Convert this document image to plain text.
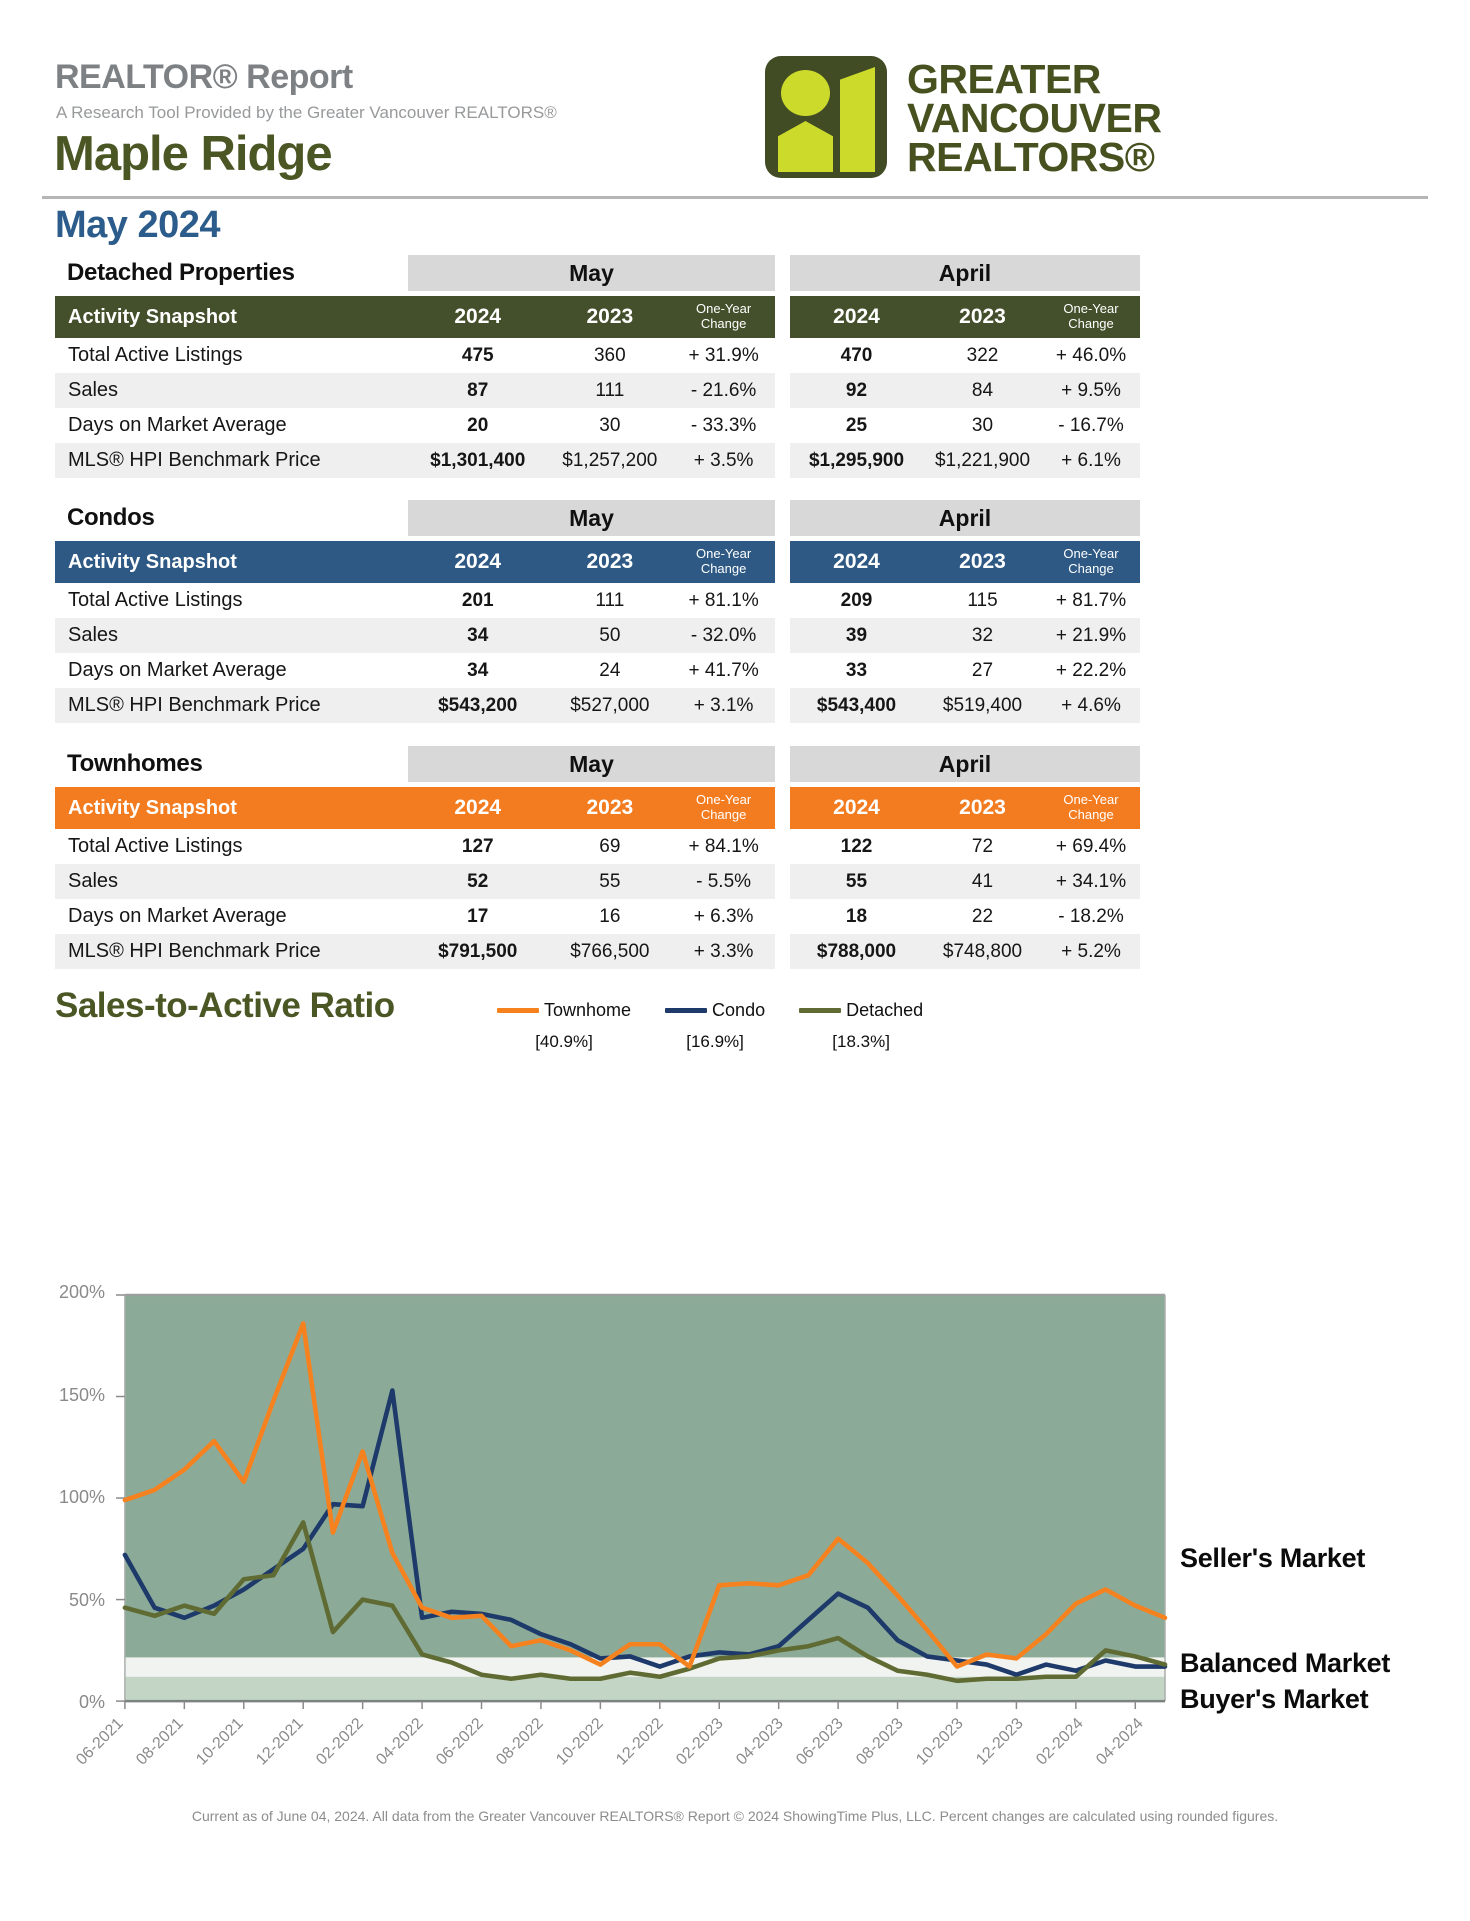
REALTOR® Report
A Research Tool Provided by the Greater Vancouver REALTORS®
Maple Ridge
GREATER
VANCOUVER
REALTORS®
May 2024
Detached Properties	May	April
Activity Snapshot	2024	2023	One-Year Change	2024	2023	One-Year Change
Total Active Listings	475	360	+ 31.9%	470	322	+ 46.0%
Sales	87	111	- 21.6%	92	84	+ 9.5%
Days on Market Average	20	30	- 33.3%	25	30	- 16.7%
MLS® HPI Benchmark Price	$1,301,400	$1,257,200	+ 3.5%	$1,295,900	$1,221,900	+ 6.1%
Condos	May	April
Activity Snapshot	2024	2023	One-Year Change	2024	2023	One-Year Change
Total Active Listings	201	111	+ 81.1%	209	115	+ 81.7%
Sales	34	50	- 32.0%	39	32	+ 21.9%
Days on Market Average	34	24	+ 41.7%	33	27	+ 22.2%
MLS® HPI Benchmark Price	$543,200	$527,000	+ 3.1%	$543,400	$519,400	+ 4.6%
Townhomes	May	April
Activity Snapshot	2024	2023	One-Year Change	2024	2023	One-Year Change
Total Active Listings	127	69	+ 84.1%	122	72	+ 69.4%
Sales	52	55	- 5.5%	55	41	+ 34.1%
Days on Market Average	17	16	+ 6.3%	18	22	- 18.2%
MLS® HPI Benchmark Price	$791,500	$766,500	+ 3.3%	$788,000	$748,800	+ 5.2%
Sales-to-Active Ratio	Townhome
[40.9%]
Condo
[16.9%]
Detached
[18.3%]
Seller's Market
Balanced Market
Buyer's Market
Current as of June 04, 2024. All data from the Greater Vancouver REALTORS® Report © 2024 ShowingTime Plus, LLC. Percent changes are calculated using rounded figures.
0%
50%
100%
150%
200%
06-2021 08-2021 10-2021 12-2021 02-2022 04-2022 06-2022 08-2022 10-2022 12-2022 02-2023 04-2023 06-2023 08-2023 10-2023 12-2023 02-2024 04-2024
